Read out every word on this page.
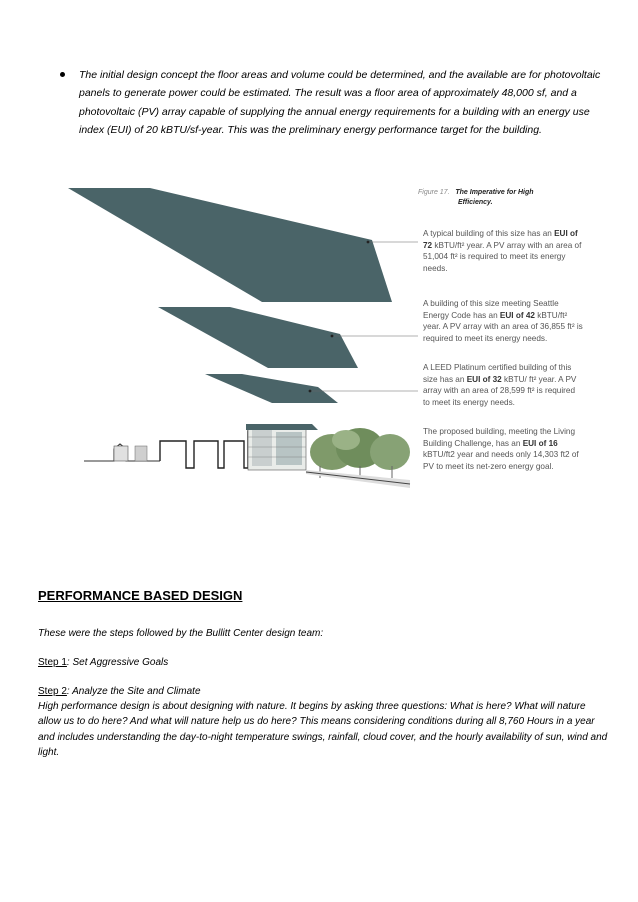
The initial design concept the floor areas and volume could be determined, and the available are for photovoltaic panels to generate power could be estimated. The result was a floor area of approximately 48,000 sf, and a photovoltaic (PV) array capable of supplying the annual energy requirements for a building with an energy use index (EUI) of 20 kBTU/sf-year. This was the preliminary energy performance target for the building.
Figure 17. The Imperative for High
Efficiency.
A typical building of this size has an EUI of 72 kBTU/ft² year. A PV array with an area of 51,004 ft² is required to meet its energy needs.
A building of this size meeting Seattle Energy Code has an EUI of 42 kBTU/ft² year. A PV array with an area of 36,855 ft² is required to meet its energy needs.
A LEED Platinum certified building of this size has an EUI of 32 kBTU/ ft² year. A PV array with an area of 28,599 ft² is required to meet its energy needs.
The proposed building, meeting the Living Building Challenge, has an EUI of 16 kBTU/ft2 year and needs only 14,303 ft2 of PV to meet its net-zero energy goal.
PERFORMANCE BASED DESIGN
These were the steps followed by the Bullitt Center design team:
Step 1: Set Aggressive Goals
Step 2: Analyze the Site and Climate
High performance design is about designing with nature. It begins by asking three questions: What is here? What will nature allow us to do here? And what will nature help us do here? This means considering conditions during all 8,760 Hours in a year and includes understanding the day-to-night temperature swings, rainfall, cloud cover, and the hourly availability of sun, wind and light.
